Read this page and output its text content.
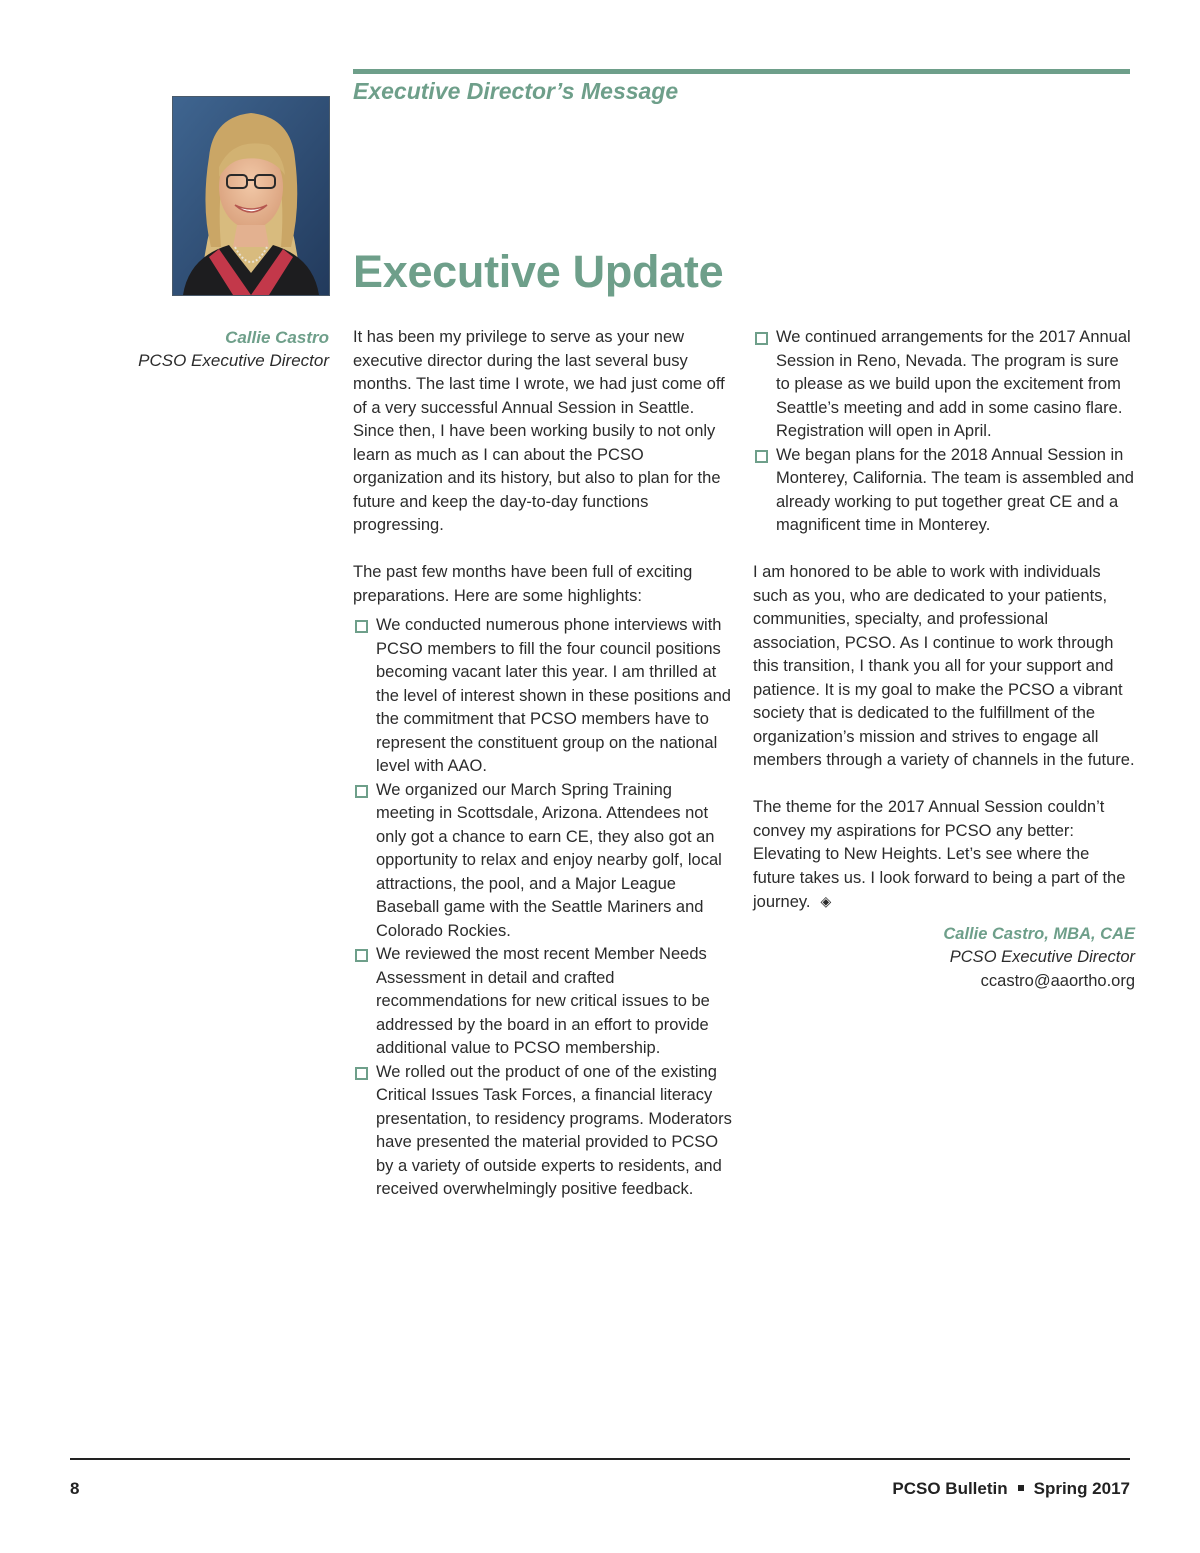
Executive Director’s Message
Executive Update
Callie Castro
PCSO Executive Director

It has been my privilege to serve as your new executive director during the last several busy months. The last time I wrote, we had just come off of a very successful Annual Session in Seattle. Since then, I have been working busily to not only learn as much as I can about the PCSO organization and its history, but also to plan for the future and keep the day-to-day functions progressing.

The past few months have been full of exciting preparations. Here are some highlights:

We conducted numerous phone interviews with PCSO members to fill the four council positions becoming vacant later this year. I am thrilled at the level of interest shown in these positions and the commitment that PCSO members have to represent the constituent group on the national level with AAO.
We organized our March Spring Training meeting in Scottsdale, Arizona. Attendees not only got a chance to earn CE, they also got an opportunity to relax and enjoy nearby golf, local attractions, the pool, and a Major League Baseball game with the Seattle Mariners and Colorado Rockies.
We reviewed the most recent Member Needs Assessment in detail and crafted recommendations for new critical issues to be addressed by the board in an effort to provide additional value to PCSO membership.
We rolled out the product of one of the existing Critical Issues Task Forces, a financial literacy presentation, to residency programs. Moderators have presented the material provided to PCSO by a variety of outside experts to residents, and received overwhelmingly positive feedback.
We continued arrangements for the 2017 Annual Session in Reno, Nevada. The program is sure to please as we build upon the excitement from Seattle’s meeting and add in some casino flare. Registration will open in April.
We began plans for the 2018 Annual Session in Monterey, California. The team is assembled and already working to put together great CE and a magnificent time in Monterey.

I am honored to be able to work with individuals such as you, who are dedicated to your patients, communities, specialty, and professional association, PCSO. As I continue to work through this transition, I thank you all for your support and patience. It is my goal to make the PCSO a vibrant society that is dedicated to the fulfillment of the organization’s mission and strives to engage all members through a variety of channels in the future.

The theme for the 2017 Annual Session couldn’t convey my aspirations for PCSO any better: Elevating to New Heights. Let’s see where the future takes us. I look forward to being a part of the journey. ◈

Callie Castro, MBA, CAE
PCSO Executive Director
ccastro@aaortho.org
8	PCSO Bulletin Spring 2017
